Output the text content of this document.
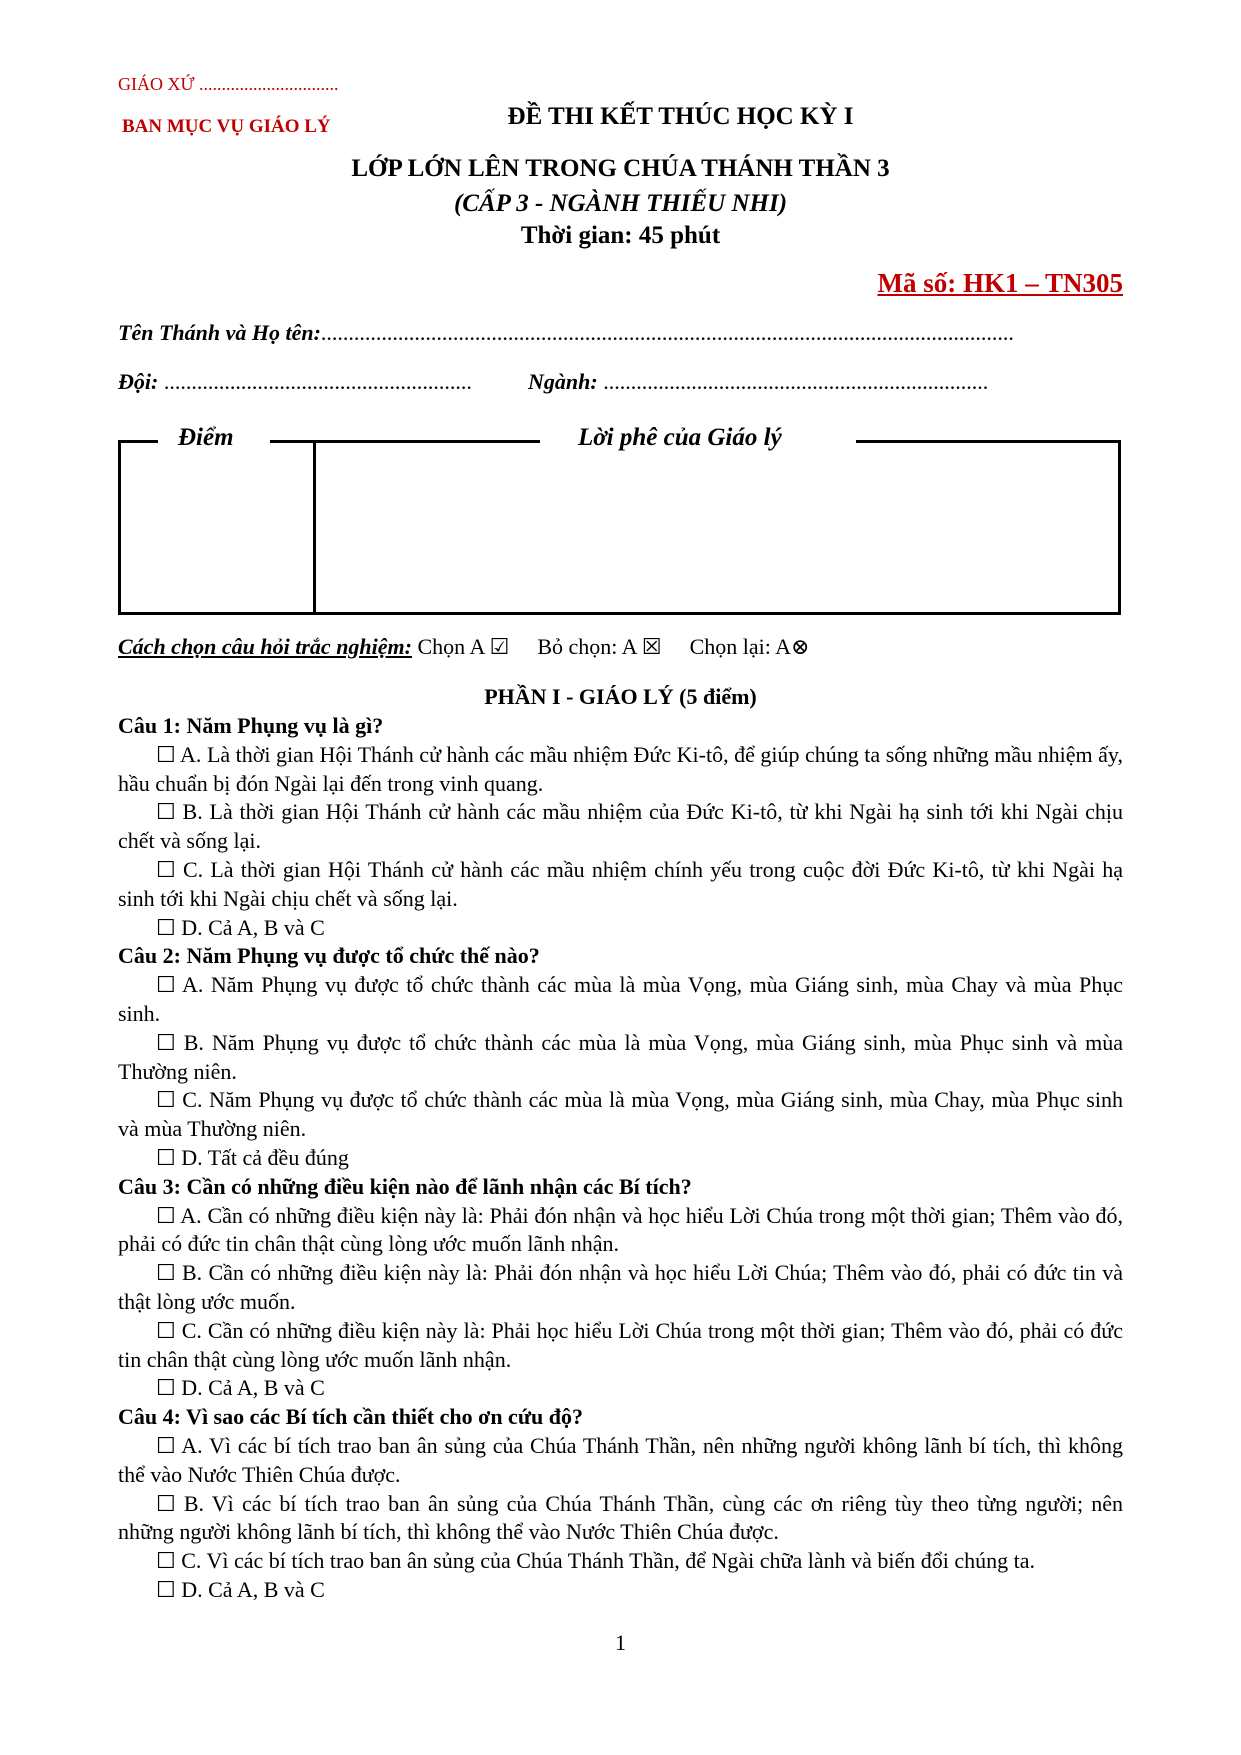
GIÁO XỨ ...............................
BAN MỤC VỤ GIÁO LÝ	ĐỀ THI KẾT THÚC HỌC KỲ I
LỚP LỚN LÊN TRONG CHÚA THÁNH THẦN 3
(CẤP 3 - NGÀNH THIẾU NHI)
Thời gian: 45 phút
Mã số: HK1 – TN305
Tên Thánh và Họ tên:..............................................................................................................................
Đội: ........................................................	Ngành: ......................................................................
Điểm	Lời phê của Giáo lý
Cách chọn câu hỏi trắc nghiệm: Chọn A ☑ Bỏ chọn: A ☒ Chọn lại: A⊗
PHẦN I - GIÁO LÝ (5 điểm)
Câu 1: Năm Phụng vụ là gì?
☐ A. Là thời gian Hội Thánh cử hành các mầu nhiệm Đức Ki-tô, để giúp chúng ta sống những mầu nhiệm ấy, hầu chuẩn bị đón Ngài lại đến trong vinh quang.
☐ B. Là thời gian Hội Thánh cử hành các mầu nhiệm của Đức Ki-tô, từ khi Ngài hạ sinh tới khi Ngài chịu chết và sống lại.
☐ C. Là thời gian Hội Thánh cử hành các mầu nhiệm chính yếu trong cuộc đời Đức Ki-tô, từ khi Ngài hạ sinh tới khi Ngài chịu chết và sống lại.
☐ D. Cả A, B và C
Câu 2: Năm Phụng vụ được tổ chức thế nào?
☐ A. Năm Phụng vụ được tổ chức thành các mùa là mùa Vọng, mùa Giáng sinh, mùa Chay và mùa Phục sinh.
☐ B. Năm Phụng vụ được tổ chức thành các mùa là mùa Vọng, mùa Giáng sinh, mùa Phục sinh và mùa Thường niên.
☐ C. Năm Phụng vụ được tổ chức thành các mùa là mùa Vọng, mùa Giáng sinh, mùa Chay, mùa Phục sinh và mùa Thường niên.
☐ D. Tất cả đều đúng
Câu 3: Cần có những điều kiện nào để lãnh nhận các Bí tích?
☐ A. Cần có những điều kiện này là: Phải đón nhận và học hiểu Lời Chúa trong một thời gian; Thêm vào đó, phải có đức tin chân thật cùng lòng ước muốn lãnh nhận.
☐ B. Cần có những điều kiện này là: Phải đón nhận và học hiểu Lời Chúa; Thêm vào đó, phải có đức tin và thật lòng ước muốn.
☐ C. Cần có những điều kiện này là: Phải học hiểu Lời Chúa trong một thời gian; Thêm vào đó, phải có đức tin chân thật cùng lòng ước muốn lãnh nhận.
☐ D. Cả A, B và C
Câu 4: Vì sao các Bí tích cần thiết cho ơn cứu độ?
☐ A. Vì các bí tích trao ban ân sủng của Chúa Thánh Thần, nên những người không lãnh bí tích, thì không thể vào Nước Thiên Chúa được.
☐ B. Vì các bí tích trao ban ân sủng của Chúa Thánh Thần, cùng các ơn riêng tùy theo từng người; nên những người không lãnh bí tích, thì không thể vào Nước Thiên Chúa được.
☐ C. Vì các bí tích trao ban ân sủng của Chúa Thánh Thần, để Ngài chữa lành và biến đổi chúng ta.
☐ D. Cả A, B và C
1
